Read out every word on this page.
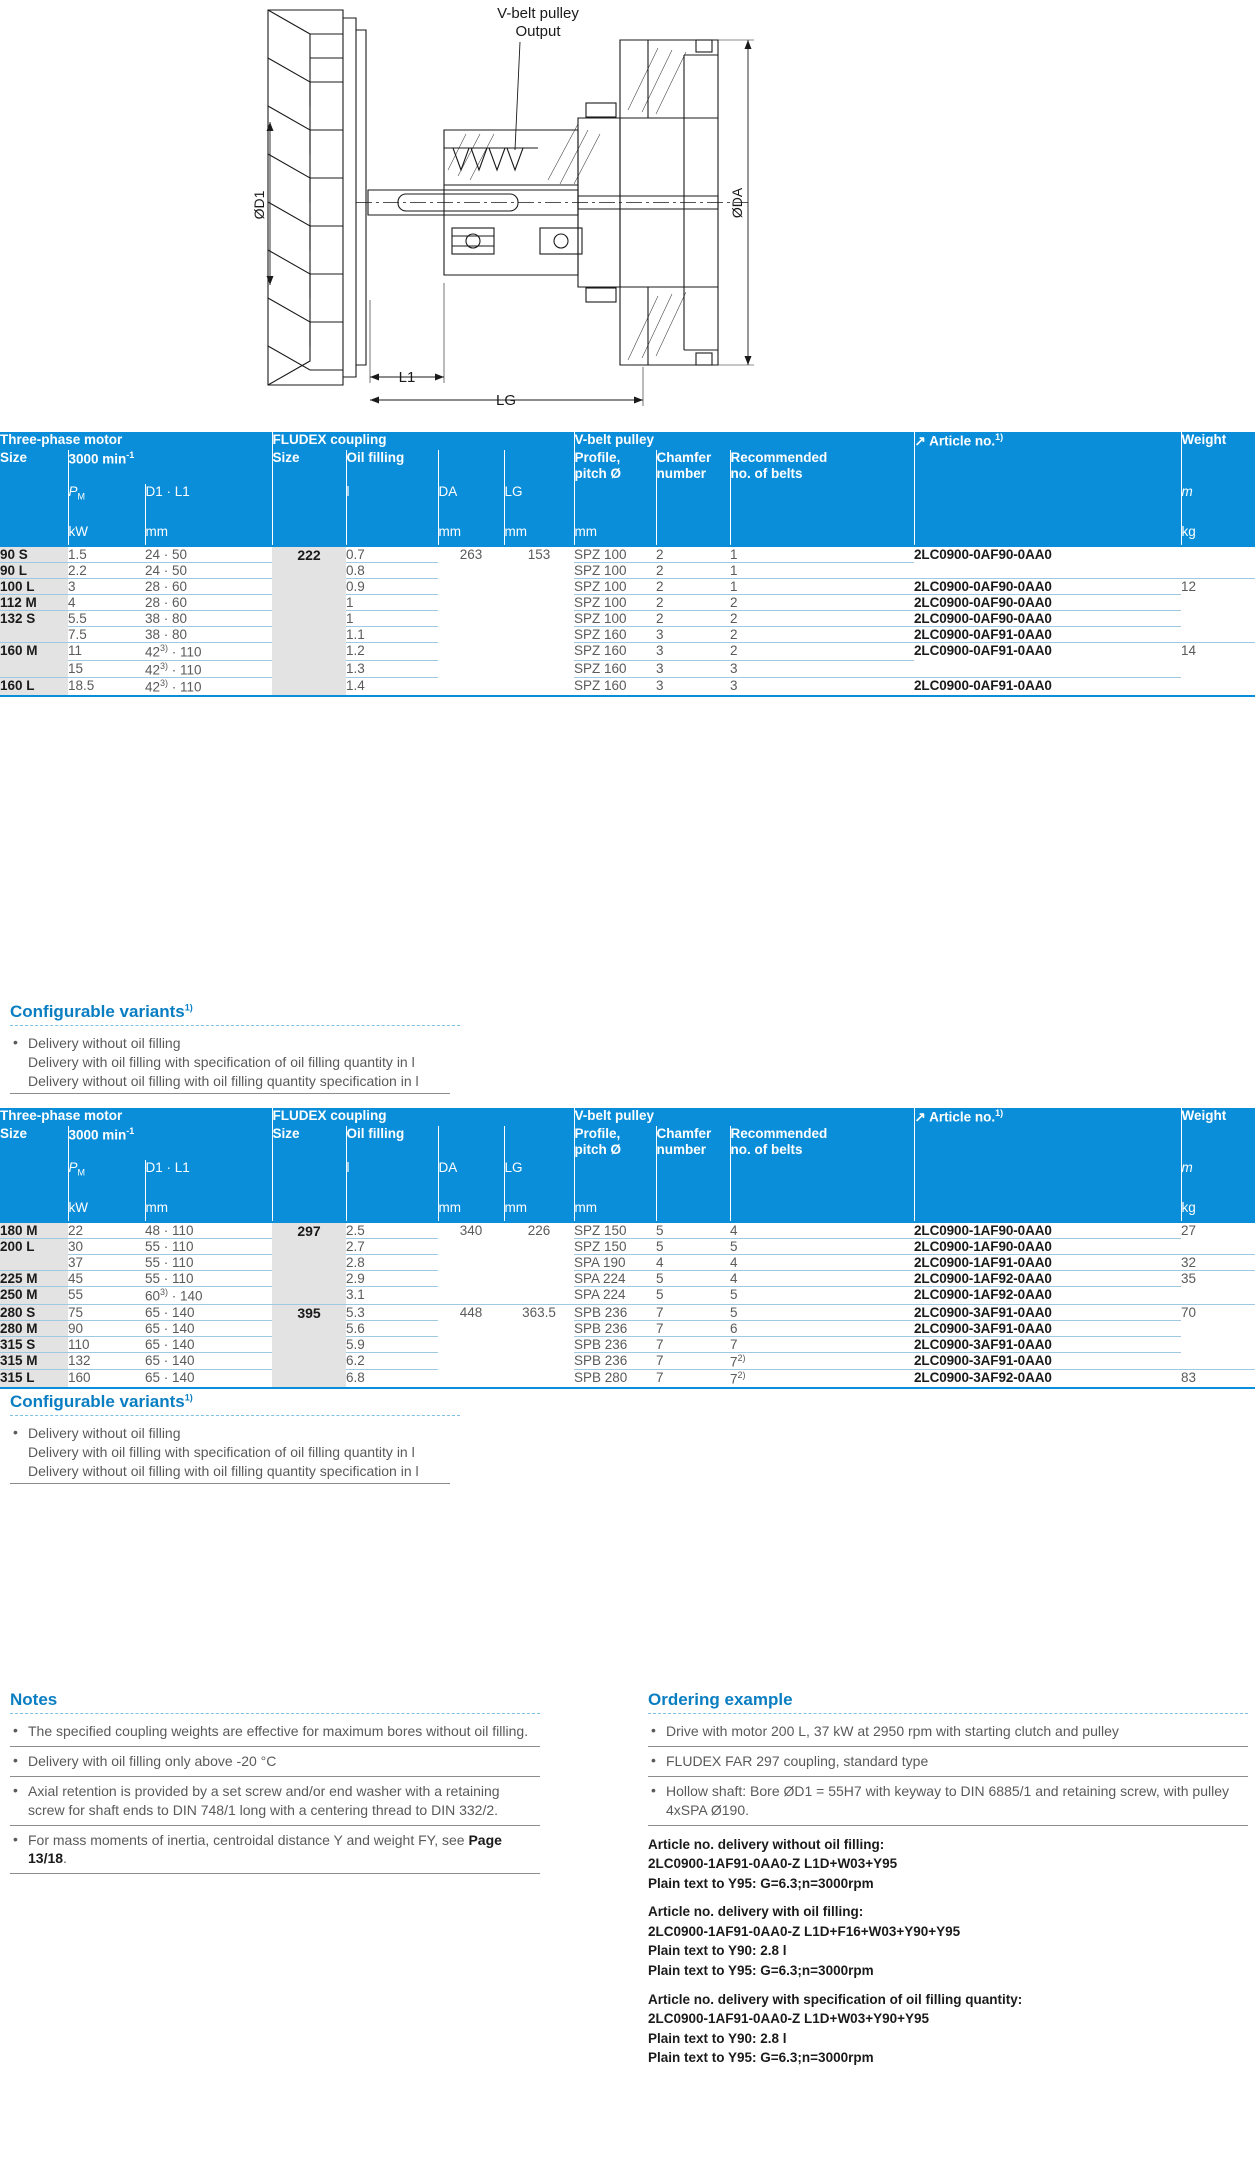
ØD1	ØDA
L1
LG
V-belt pulley
Output
Three-phase motor			FLUDEX coupling				V-belt pulley			↗ Article no.$^{1)}$	Weight
Size	3000 $\min^{-1}$		Size	Oil filling			Profile,
pitch Ø	Chamfer
number	Recommended
no. of belts		
	$P_M$	D1 · L1		l	DA	LG					m
	kW	mm			mm	mm	mm				kg
90 S	1.5	24 · 50	222	0.7	263	153	SPZ 100	2	1	2LC0900-0AF90-0AA0	
90 L	2.2	24 · 50		0.8			SPZ 100	2	1		
100 L	3	28 · 60		0.9			SPZ 100	2	1	2LC0900-0AF90-0AA0	12
112 M	4	28 · 60		1			SPZ 100	2	2	2LC0900-0AF90-0AA0	
132 S	5.5	38 · 80		1			SPZ 100	2	2	2LC0900-0AF90-0AA0	
	7.5	38 · 80		1.1			SPZ 160	3	2	2LC0900-0AF91-0AA0	
160 M	11	$42^{3)} \cdot 110$		1.2			SPZ 160	3	2	2LC0900-0AF91-0AA0	14
	15	$42^{3)} \cdot 110$		1.3			SPZ 160	3	3		
160 L	18.5	$42^{3)} \cdot 110$		1.4			SPZ 160	3	3	2LC0900-0AF91-0AA0	
Configurable variants$^{1)}$
• Delivery without oil filling
Delivery with oil filling with specification of oil filling quantity in l
Delivery without oil filling with oil filling quantity specification in l
Three-phase motor			FLUDEX coupling				V-belt pulley			↗ Article no.$^{1)}$	Weight
Size	3000 $\min^{-1}$		Size	Oil filling			Profile,
pitch Ø	Chamfer
number	Recommended
no. of belts		
	$P_M$	D1 · L1		l	DA	LG					m
	kW	mm			mm	mm	mm				kg
180 M	22	48 · 110	297	2.5	340	226	SPZ 150	5	4	2LC0900-1AF90-0AA0	27
200 L	30	55 · 110		2.7			SPZ 150	5	5	2LC0900-1AF90-0AA0	
	37	55 · 110		2.8			SPA 190	4	4	2LC0900-1AF91-0AA0	32
225 M	45	55 · 110		2.9			SPA 224	5	4	2LC0900-1AF92-0AA0	35
250 M	55	$60^{3)} \cdot 140$		3.1			SPA 224	5	5	2LC0900-1AF92-0AA0	
280 S	75	65 · 140	395	5.3	448	363.5	SPB 236	7	5	2LC0900-3AF91-0AA0	70
280 M	90	65 · 140		5.6			SPB 236	7	6	2LC0900-3AF91-0AA0	
315 S	110	65 · 140		5.9			SPB 236	7	7	2LC0900-3AF91-0AA0	
315 M	132	65 · 140		6.2			SPB 236	7	7$^{2)}$	2LC0900-3AF91-0AA0	
315 L	160	65 · 140		6.8			SPB 280	7	7$^{2)}$	2LC0900-3AF92-0AA0	83
Configurable variants$^{1)}$
• Delivery without oil filling
Delivery with oil filling with specification of oil filling quantity in l
Delivery without oil filling with oil filling quantity specification in l
Notes
• The specified coupling weights are effective for maximum bores without oil filling.
• Delivery with oil filling only above -20 °C
• Axial retention is provided by a set screw and/or end washer with a retaining screw for shaft ends to DIN 748/1 long with a centering thread to DIN 332/2.
• For mass moments of inertia, centroidal distance Y and weight FY, see Page 13/18.
Ordering example
• Drive with motor 200 L, 37 kW at 2950 rpm with starting clutch and pulley
• FLUDEX FAR 297 coupling, standard type
• Hollow shaft: Bore ØD1 = 55H7 with keyway to DIN 6885/1 and retaining screw, with pulley 4xSPA Ø190.
Article no. delivery without oil filling:
2LC0900-1AF91-0AA0-Z L1D+W03+Y95
Plain text to Y95: G=6.3;n=3000rpm
Article no. delivery with oil filling:
2LC0900-1AF91-0AA0-Z L1D+F16+W03+Y90+Y95
Plain text to Y90: 2.8 l
Plain text to Y95: G=6.3;n=3000rpm
Article no. delivery with specification of oil filling quantity:
2LC0900-1AF91-0AA0-Z L1D+W03+Y90+Y95
Plain text to Y90: 2.8 l
Plain text to Y95: G=6.3;n=3000rpm
